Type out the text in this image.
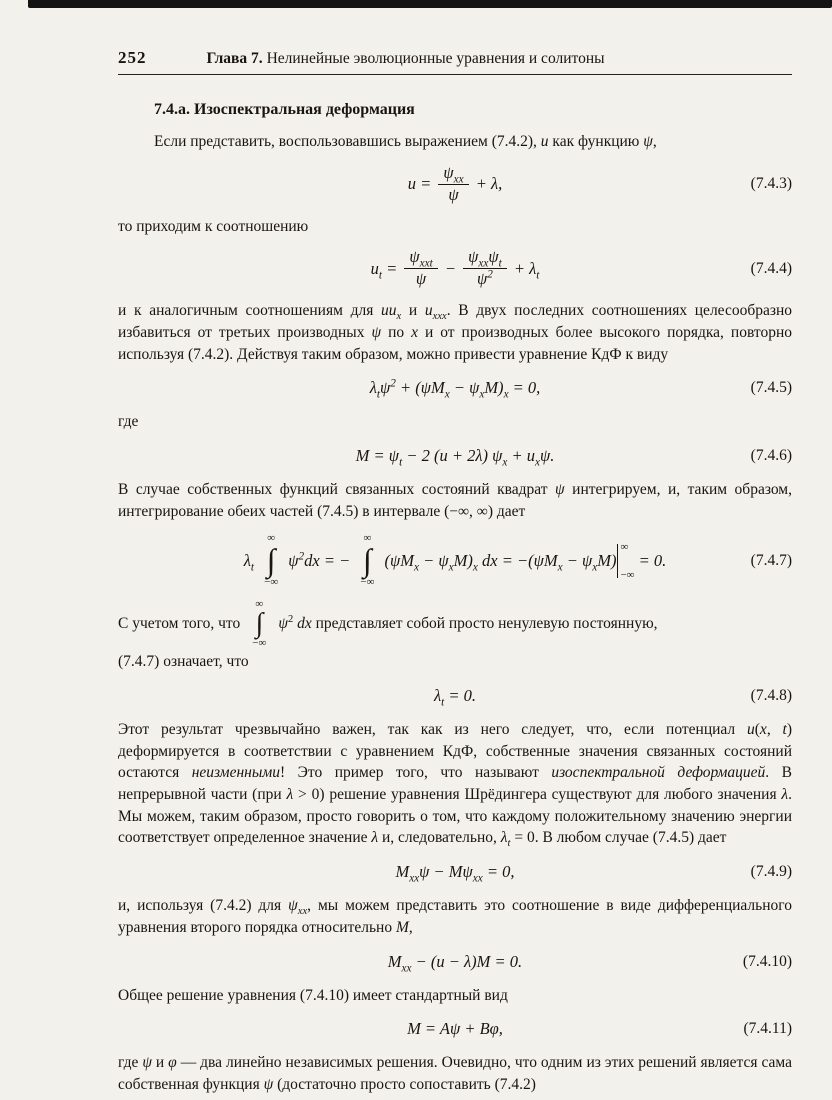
252	Глава 7. Нелинейные эволюционные уравнения и солитоны
7.4.а. Изоспектральная деформация

Если представить, воспользовавшись выражением (7.4.2), u как функцию ψ,

$u = \frac{\psi_{xx}}{\psi} + \lambda$,	(7.4.3)

то приходим к соотношению

$u_t = \frac{\psi_{xxt}}{\psi} - \frac{\psi_{xx}\psi_t}{\psi^2} + \lambda_t$	(7.4.4)

и к аналогичным соотношениям для $uu_x$ и $u_{xxx}$. В двух последних соотношениях целесообразно избавиться от третьих производных ψ по x и от производных более высокого порядка, повторно используя (7.4.2). Действуя таким образом, можно привести уравнение КдФ к виду

$\lambda_t\psi^2 + (\psi M_x - \psi_xM)_x = 0$,	(7.4.5)

где

$M = \psi_t - 2$ (u + 2λ) $\psi_x + u_x\psi$.	(7.4.6)

В случае собственных функций связанных состояний квадрат ψ интегрируем, и, таким образом, интегрирование обеих частей (7.4.5) в интервале (−∞, ∞) дает

$\lambda_t$
∞
∫
−∞
$\psi^2dx$ = −
∞
∫
−∞
$(\psi M_x - \psi_xM)_x$ dx = $-(\psi M_x - \psi_xM)$
∞
−∞
= 0.	(7.4.7)
С учетом того, что
∞
∫
−∞
$\psi^2$ dx представляет собой просто ненулевую постоянную,
(7.4.7) означает, что
$\lambda_t = 0$.	(7.4.8)

Этот результат чрезвычайно важен, так как из него следует, что, если потенциал u(x, t) деформируется в соответствии с уравнением КдФ, собственные значения связанных состояний остаются неизменными! Это пример того, что называют изоспектральной деформацией. В непрерывной части (при λ > 0) решение уравнения Шрёдингера существуют для любого значения λ. Мы можем, таким образом, просто говорить о том, что каждому положительному значению энергии соответствует определенное значение λ и, следовательно, $\lambda_t = 0$. В любом случае (7.4.5) дает

$M_{xx}\psi - M\psi_{xx} = 0$,	(7.4.9)

и, используя (7.4.2) для $\psi_{xx}$, мы можем представить это соотношение в виде дифференциального уравнения второго порядка относительно M,

$M_{xx} - (u - \lambda)M = 0$.	(7.4.10)

Общее решение уравнения (7.4.10) имеет стандартный вид

M = Aψ + Bφ,	(7.4.11)

где ψ и φ — два линейно независимых решения. Очевидно, что одним из этих решений является сама собственная функция ψ (достаточно просто сопоставить (7.4.2)
